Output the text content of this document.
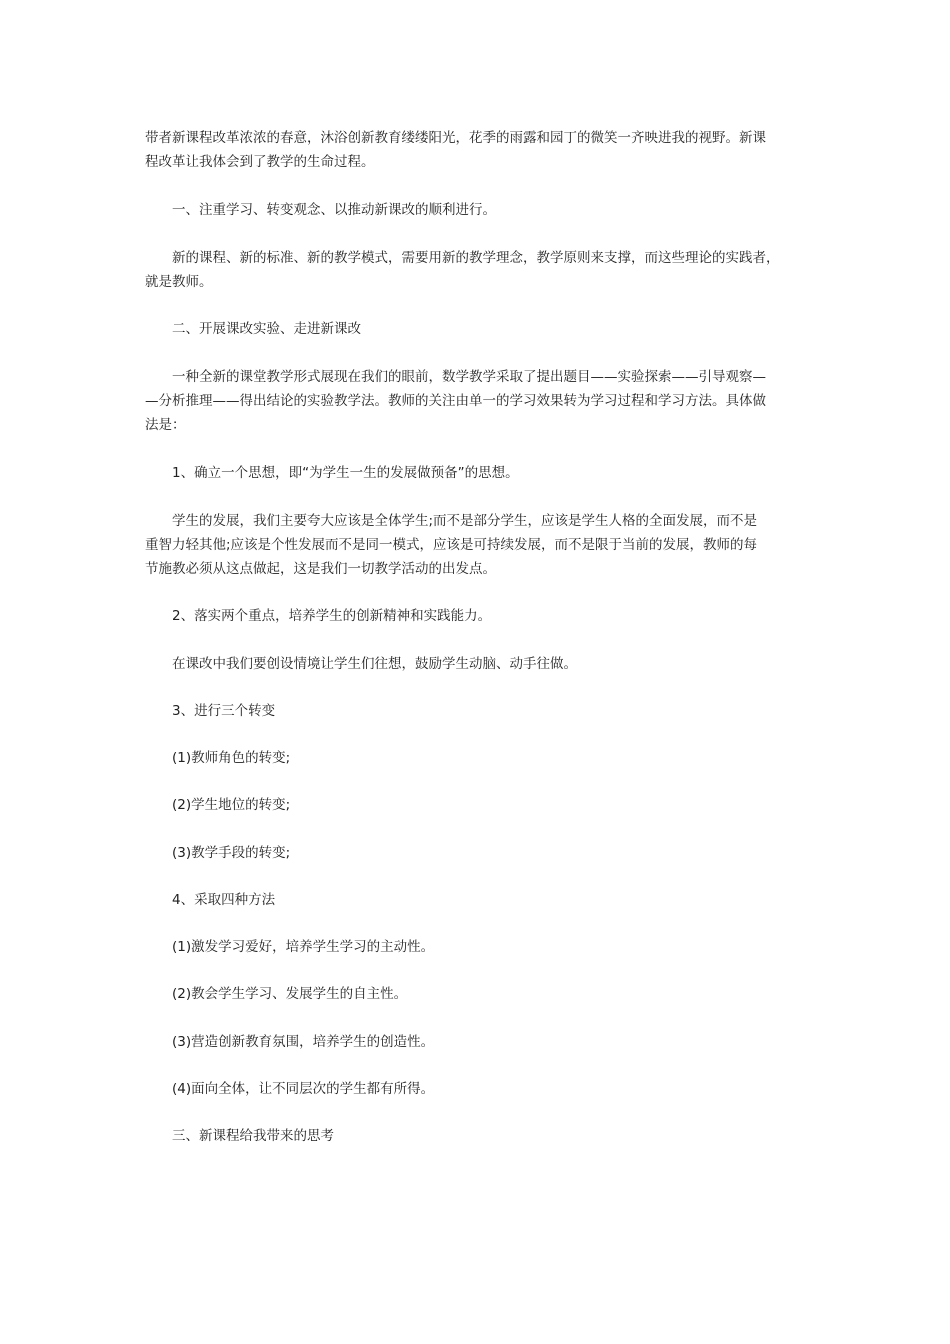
带者新课程改革浓浓的春意，沐浴创新教育缕缕阳光，花季的雨露和园丁的微笑一齐映进我的视野。新课
程改革让我体会到了教学的生命过程。

一、注重学习、转变观念、以推动新课改的顺利进行。

新的课程、新的标准、新的教学模式，需要用新的教学理念，教学原则来支撑，而这些理论的实践者，
就是教师。

二、开展课改实验、走进新课改

一种全新的课堂教学形式展现在我们的眼前，数学教学采取了提出题目——实验探索——引导观察—
—分析推理——得出结论的实验教学法。教师的关注由单一的学习效果转为学习过程和学习方法。具体做
法是：

1、确立一个思想，即“为学生一生的发展做预备”的思想。

学生的发展，我们主要夸大应该是全体学生;而不是部分学生，应该是学生人格的全面发展，而不是
重智力轻其他;应该是个性发展而不是同一模式，应该是可持续发展，而不是限于当前的发展，教师的每
节施教必须从这点做起，这是我们一切教学活动的出发点。

2、落实两个重点，培养学生的创新精神和实践能力。

在课改中我们要创设情境让学生们往想，鼓励学生动脑、动手往做。

3、进行三个转变

(1)教师角色的转变;

(2)学生地位的转变;

(3)教学手段的转变;

4、采取四种方法

(1)激发学习爱好，培养学生学习的主动性。

(2)教会学生学习、发展学生的自主性。

(3)营造创新教育氛围，培养学生的创造性。

(4)面向全体，让不同层次的学生都有所得。

三、新课程给我带来的思考
